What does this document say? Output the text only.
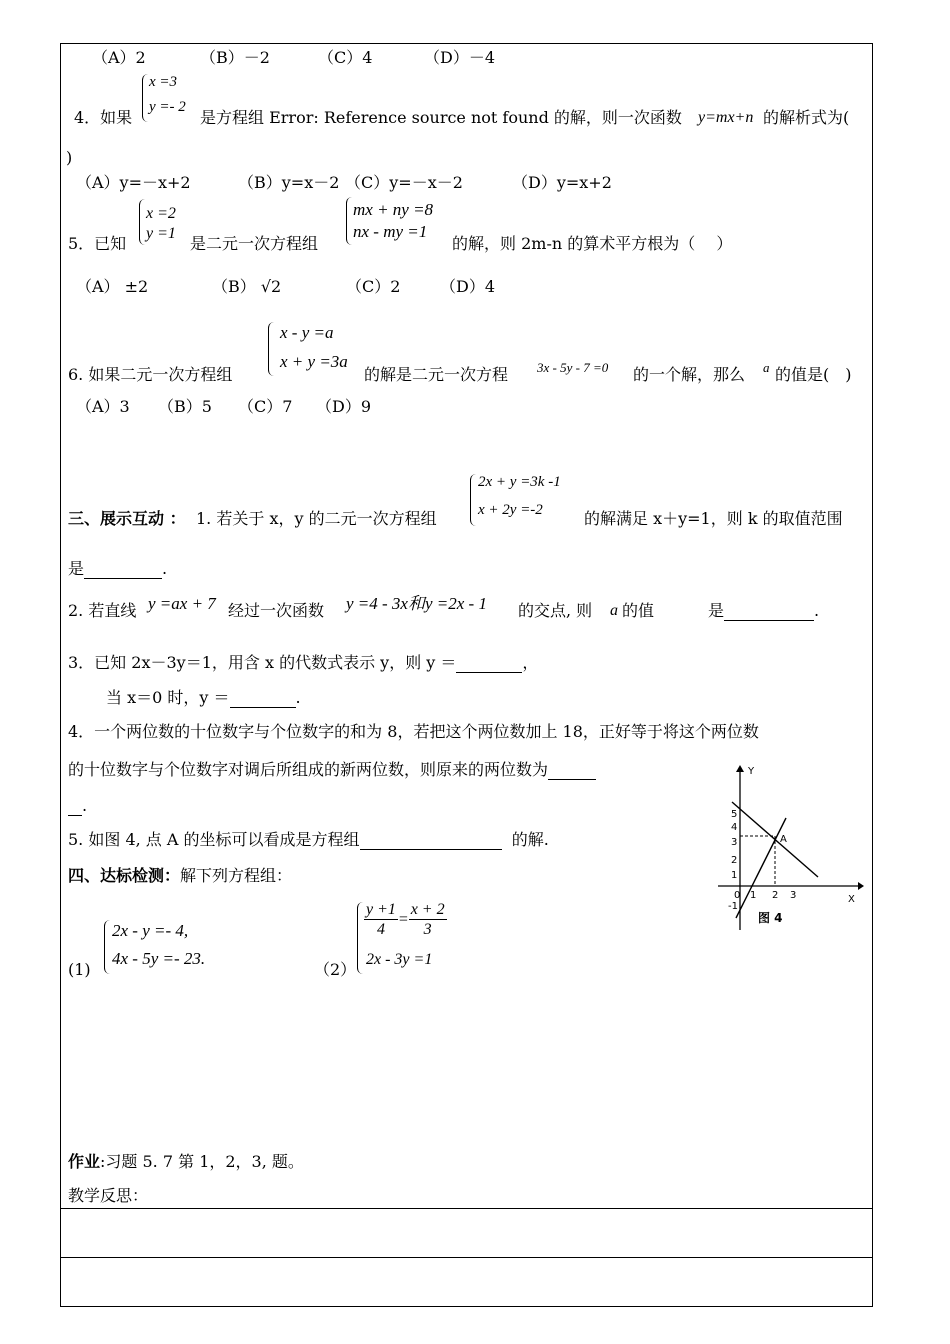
（A）2	（B）－2	（C）4	（D）－4
4．如果
x =3
y =- 2
是方程组 Error: Reference source not found 的解，则一次函数 y=mx+n 的解析式为(
)
（A）y=－x+2	（B）y=x－2 （C）y=－x－2	（D）y=x+2
5．已知
x =2
y =1
是二元一次方程组
mx + ny =8
nx - my =1
的解，则 2m-n 的算术平方根为（　 ）
（A） ±2	（B） √2	（C）2 （D）4
6. 如果二元一次方程组
x - y =a
x + y =3a
的解是二元一次方程 3x - 5y - 7 =0 的一个解，那么 a 的值是(　)
（A）3 （B）5 （C）7 （D）9
三、展示互动 ： 1. 若关于 x，y 的二元一次方程组
2x + y =3k -1
x + 2y =-2	的解满足 x＋y=1，则 k 的取值范围
是	.
2. 若直线 y =ax + 7 经过一次函数 y =4 - 3x和y =2x - 1 的交点, 则 a 的值	是	.
3．已知 2x－3y＝1，用含 x 的代数式表示 y，则 y ＝	，
当 x＝0 时，y ＝	.
4．一个两位数的十位数字与个位数字的和为 8，若把这个两位数加上 18，正好等于将这个两位数
的十位数字与个位数字对调后所组成的新两位数，则原来的两位数为
.
5. 如图 4, 点 A 的坐标可以看成是方程组	的解.
四、达标检测：解下列方程组：
(1)
2x - y =- 4,
4x - 5y =- 23.
（2）
$\frac{y +1}{4} = \frac{x + 2}{3}$
2x - 3y =1
作业:习题 5. 7 第 1，2，3, 题。
教学反思：
Y
X
A
0 1 2 3
5
4
3
2
1
-1
图 4
